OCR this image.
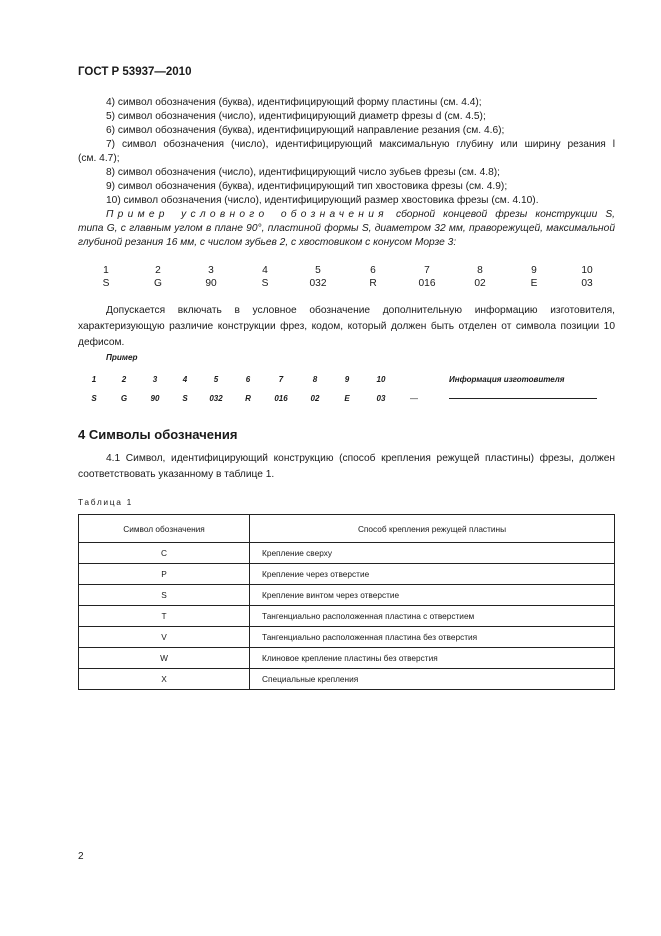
ГОСТ Р 53937—2010
4) символ обозначения (буква), идентифицирующий форму пластины (см. 4.4);
5) символ обозначения (число), идентифицирующий диаметр фрезы d (см. 4.5);
6) символ обозначения (буква), идентифицирующий направление резания (см. 4.6);
7) символ обозначения (число), идентифицирующий максимальную глубину или ширину резания l
(см. 4.7);
8) символ обозначения (число), идентифицирующий число зубьев фрезы (см. 4.8);
9) символ обозначения (буква), идентифицирующий тип хвостовика фрезы (см. 4.9);
10) символ обозначения (число), идентифицирующий размер хвостовика фрезы (см. 4.10).
Пример условного обозначения сборной концевой фрезы конструкции S,
типа G, с главным углом в плане 90°, пластиной формы S, диаметром 32 мм, праворежущей, максимальной глубиной резания 16 мм, с числом зубьев 2, с хвостовиком с конусом Морзе 3:
1	2	3	4	5	6	7	8	9	10
S	G	90	S	032	R	016	02	E	03
Допускается включать в условное обозначение дополнительную информацию изготовителя, характеризующую различие конструкции фрез, кодом, который должен быть отделен от символа позиции 10 дефисом.
Пример
1	2	3	4	5	6	7	8	9	10
S	G	90	S	032	R	016	02	E	03	—
Информация изготовителя
4 Символы обозначения
4.1 Символ, идентифицирующий конструкцию (способ крепления режущей пластины) фрезы, должен соответствовать указанному в таблице 1.
Таблица 1
Символ обозначения	Способ крепления режущей пластины
C	Крепление сверху
P	Крепление через отверстие
S	Крепление винтом через отверстие
T	Тангенциально расположенная пластина с отверстием
V	Тангенциально расположенная пластина без отверстия
W	Клиновое крепление пластины без отверстия
X	Специальные крепления
2
